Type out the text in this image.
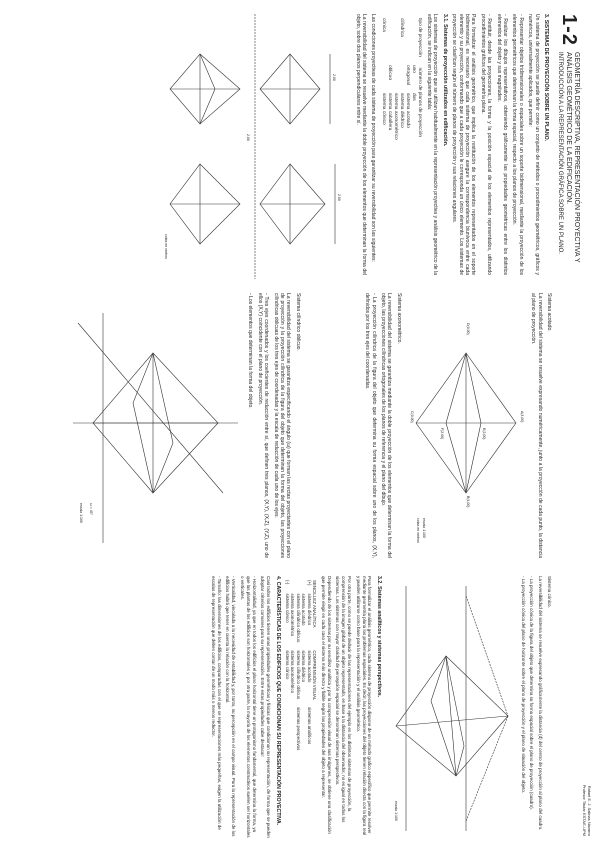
1-2
GEOMETRÍA DESCRIPTIVA, REPRESENTACIÓN PROYECTIVA Y ANÁLISIS GEOMÉTRICO DE LA EDIFICACIÓN.
INTRODUCCIÓN A LA REPRESENTACIÓN GRÁFICA SOBRE UN PLANO.
3. SISTEMAS DE PROYECCIÓN SOBRE UN PLANO.

Un sistema de proyección se puede definir como un conjunto de métodos o procedimientos geométricos, gráficos y numéricos, universalmente aplicados, que permite:

- Representar objetos tridimensionales o espaciales sobre un soporte bidimensional, mediante la proyección de los elementos geométricos que determinan la forma espacial, respecto a los planos de proyección.

- Realizar los dibujos representativos, obteniendo gráficamente las propiedades geométricas entre los distintos elementos del objeto y sus magnitudes.

- Restituir, desde las proyecciones, la forma y la posición espacial de los elementos representados, utilizando procedimientos gráficos del geometría plana.

Para formalizar el análisis geométrico, que implica la restitución de los elementos representados en el soporte bidimensional, es necesario que cada sistema de proyección asegure la correspondencia biunívoca entre cada elemento y su proyección, conformando que a cada proyección le corresponda un único elemento. Los sistemas de proyección se clasifican según el número de planos de proyección y sus relaciones angulares.

3.1. Sistemas de proyección utilizados en edificación.

Los sistemas de proyección que se utilizan habitualmente en la representación proyectiva y análisis geométrico de la edificación, se indican en la siguiente tabla:

tipo de proyección	número de planos de proyección	
	uno	dos
	ortogonal	sistema acotado
cilíndrica		sistema diédrico
		sistema axonométrico
	oblicuo	sistema caballera
cónica		sistema cónico

Las condiciones proyectivas de cada sistema de proyección para garantizar su reversibilidad son las siguientes:

La reversibilidad del sistema se resuelve mediante la doble proyección de los elementos que determinan la forma del objeto, sobre dos planos perpendiculares entre sí.

2.00
2.00
2.00
cotas en metros

Sistema acotado.

La reversibilidad del sistema se resuelve expresando numéricamente, junto a la proyección de cada punto, la distancia al plano de proyección.

A(4,00)
B(4,00)
C(0,00)
D(0,00)
E(2,00)
F(2,00)
escala 1:100
cotas en metros

Sistema axonométrico.

La reversibilidad del sistema se garantiza mediante la doble proyección de los elementos que determinan la forma del objeto, las proyecciones cilíndricas ortogonales de los planos de referencia y el plano del dibujo.

- La proyección cilíndrica de la figura del objeto que determina su forma espacial sobre uno de los planos, (X,Y), definidos por los tres ejes del coordenadas.

Sistema cilíndrico oblicuo.

La reversibilidad del sistema se garantiza especificando el ángulo (ω) que forman las rectas proyectantes con el plano de proyección y la proyección cilíndrica de la figura del objeto que determinan la forma del objeto, las proyecciones cilíndricas oblicuas de los tres ejes de coordenadas y la escala de reducción de cada uno de los ejes.

- Tres ejes coordenados y los coeficientes de reducción entre sí, que definen tres planos, (X,Y), (X,Z), (Y,Z), uno de ellos (X,Y) coincidente con el plano de proyección.

- Los elementos que determinan la forma del objeto.

ω = 45°
escala 1:100
Rafael E. J. Salinas Navarro
Profesor Titular ESTAE-UPM

Sistema cónico.

La reversibilidad del sistema se resuelve expresando gráficamente la distancia (d) del centro de proyección al plano del cuadro.

- La proyección cónica de la figura del objeto que determina su forma espacial sobre el plano de proyección (cuadro).

- La proyección cónica del plano de horizonte sobre el plano de proyección y el plano de situación del objeto.

escala 1:100
3.2. Sistemas analíticos y sistemas perspectivos.

Para formalizar el análisis geométrico, cada sistema de proyección dispone de un método grafico específico que permite resolver mediante geometría plana los problemas espaciales. Es decir, las proyecciones del objeto tienen relación directa con la figura real y pueden utilizarse como base para la representación y el análisis geométrico.

Por otra parte, como se puede deducir de las representaciones del ejemplo en los distintos sistemas de proyección, la comprensión de la imagen global de un objeto representado, en base a la distancia del observador, no es igual en todos los sistemas. Los sistemas con mayor claridad de percepción espacial se denominan sistemas perspectivos.

Dependiendo de los sistemas por su sencillez analítica y por la comprensión visual de sus imágenes, se obtiene una clasificación que permite elegir en cada caso el sistema más directo y fiable según las propiedades del objeto a representar.

SENCILLEZ ANALÍTICA		COMPRENSIÓN VISUAL	
(+)	sistema diédrico	sistema acotado	sistemas analíticos
	sistema acotado	sistema diédrico	
	sistema cilíndrico oblicuo	sistema cilíndrico oblicuo	sistemas perspectivos
	sistema axonométrico	sistema axonométrico	
(-)	sistema cónico	sistema cónico	
4. CARACTERÍSTICAS DE LOS EDIFICIOS QUE CONDICIONAN SU REPRESENTACIÓN PROYECTIVA.

Casi todos los edificios tienen unas propiedades geométricas y físicas que condicionan su representación, de forma que se pueden adoptar criterios comunes para su representación. Entre estas propiedades cabe destacar:

- Horizontalidad, ya que en todos los edificios el plano horizontal tiene un protagonismo fundamental, que determina la forma, ya que las plantas de los edificios son horizontales y, por otra parte, la mayoría de los elementos constructivos suelen ser horizontales o verticales.

- Verticalidad, vinculada a la necesidad de estabilidad y, por tanto, su percepción en el campo visual. Para la representación de los edificios habrá que tener en cuenta la relación con la horizontal.

- Tamaño: las dimensiones de los edificios, comparadas con el que se representaciones más pequeñas, exigen la utilización de escalas de representación que deben contar de un modo más o menos reductor.
